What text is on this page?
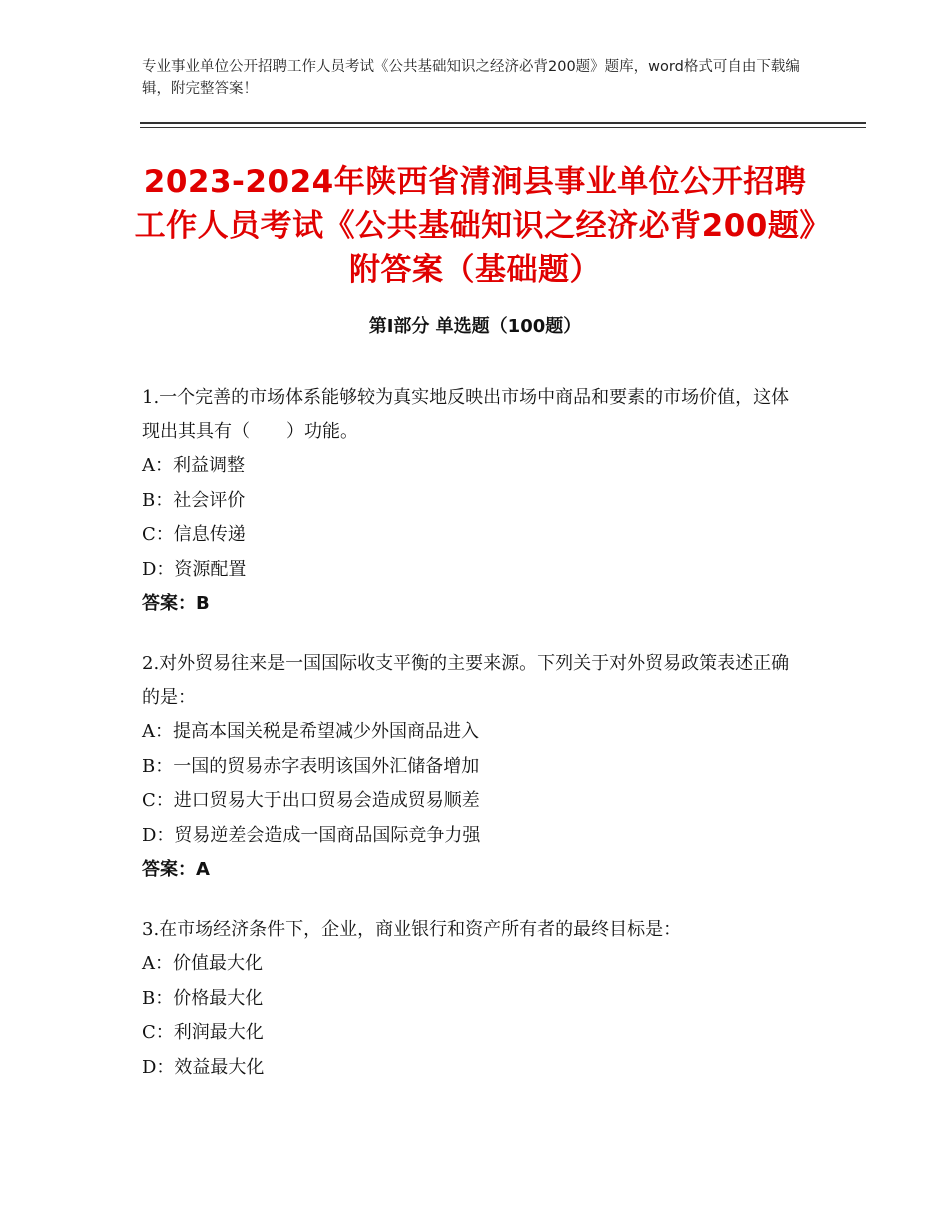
专业事业单位公开招聘工作人员考试《公共基础知识之经济必背200题》题库，word格式可自由下载编辑，附完整答案！
2023-2024年陕西省清涧县事业单位公开招聘工作人员考试《公共基础知识之经济必背200题》附答案（基础题）
第Ⅰ部分 单选题（100题）
1.一个完善的市场体系能够较为真实地反映出市场中商品和要素的市场价值，这体现出其具有（　　）功能。
A：利益调整
B：社会评价
C：信息传递
D：资源配置
答案：B
2.对外贸易往来是一国国际收支平衡的主要来源。下列关于对外贸易政策表述正确的是：
A：提高本国关税是希望减少外国商品进入
B：一国的贸易赤字表明该国外汇储备增加
C：进口贸易大于出口贸易会造成贸易顺差
D：贸易逆差会造成一国商品国际竞争力强
答案：A
3.在市场经济条件下，企业，商业银行和资产所有者的最终目标是：
A：价值最大化
B：价格最大化
C：利润最大化
D：效益最大化
